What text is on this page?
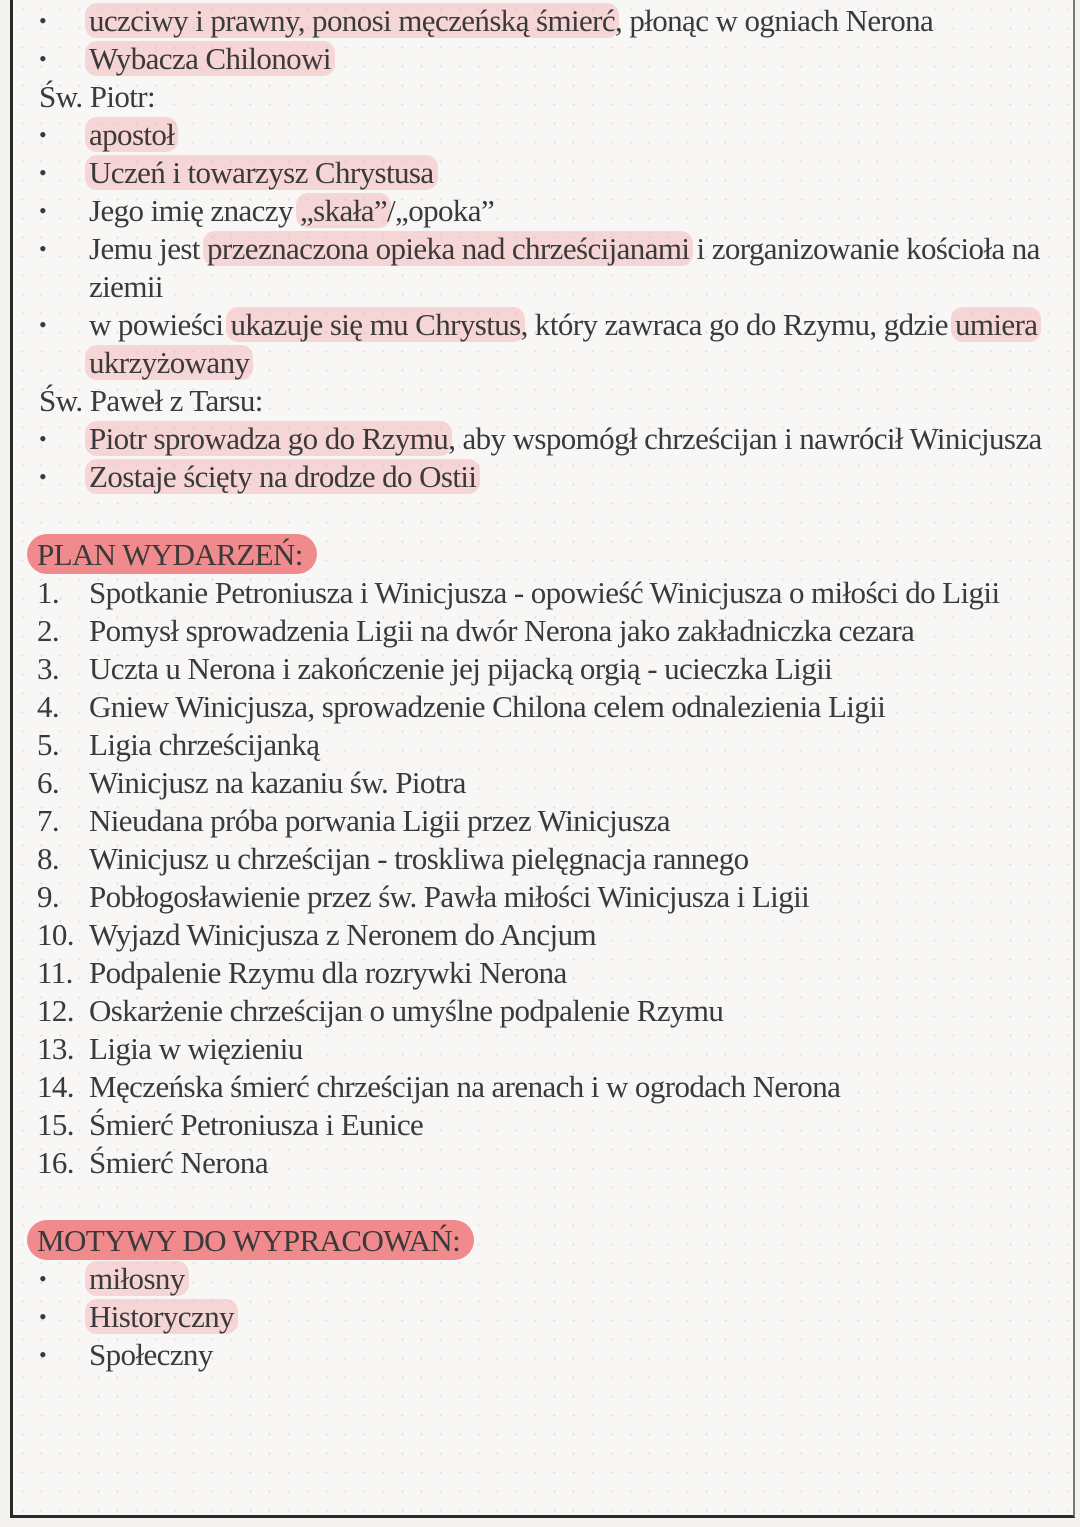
• uczciwy i prawny, ponosi męczeńską śmierć, płonąc w ogniach Nerona
• Wybacza Chilonowi
Św. Piotr:
• apostoł
• Uczeń i towarzysz Chrystusa
• Jego imię znaczy „skała”/„opoka”
• Jemu jest przeznaczona opieka nad chrześcijanami i zorganizowanie kościoła na ziemii
• w powieści ukazuje się mu Chrystus, który zawraca go do Rzymu, gdzie umiera ukrzyżowany
Św. Paweł z Tarsu:
• Piotr sprowadza go do Rzymu, aby wspomógł chrześcijan i nawrócił Winicjusza
• Zostaje ścięty na drodze do Ostii
PLAN WYDARZEŃ:
1. Spotkanie Petroniusza i Winicjusza - opowieść Winicjusza o miłości do Ligii
2. Pomysł sprowadzenia Ligii na dwór Nerona jako zakładniczka cezara
3. Uczta u Nerona i zakończenie jej pijacką orgią - ucieczka Ligii
4. Gniew Winicjusza, sprowadzenie Chilona celem odnalezienia Ligii
5. Ligia chrześcijanką
6. Winicjusz na kazaniu św. Piotra
7. Nieudana próba porwania Ligii przez Winicjusza
8. Winicjusz u chrześcijan - troskliwa pielęgnacja rannego
9. Pobłogosławienie przez św. Pawła miłości Winicjusza i Ligii
10. Wyjazd Winicjusza z Neronem do Ancjum
11. Podpalenie Rzymu dla rozrywki Nerona
12. Oskarżenie chrześcijan o umyślne podpalenie Rzymu
13. Ligia w więzieniu
14. Męczeńska śmierć chrześcijan na arenach i w ogrodach Nerona
15. Śmierć Petroniusza i Eunice
16. Śmierć Nerona
MOTYWY DO WYPRACOWAŃ:
• miłosny
• Historyczny
• Społeczny
